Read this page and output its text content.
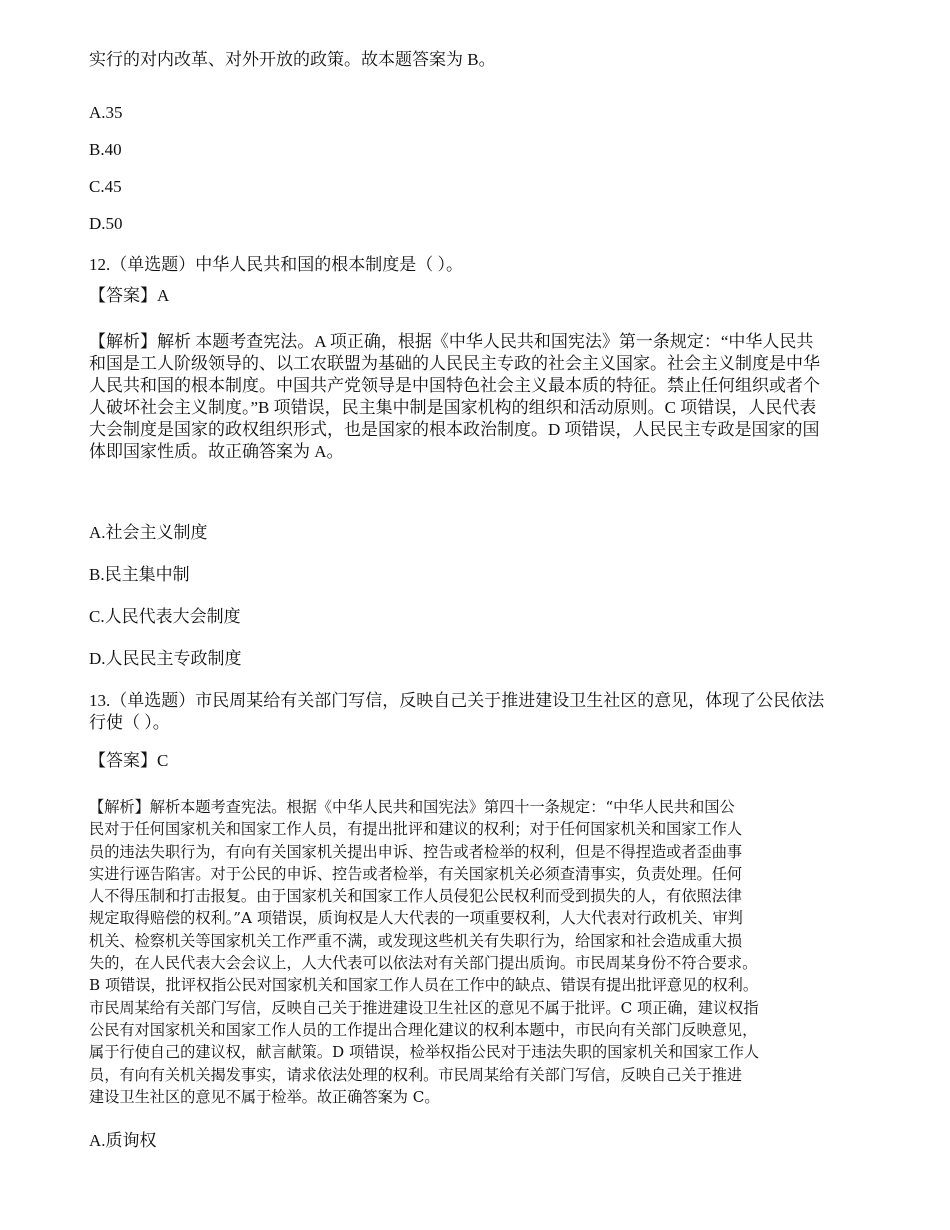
实行的对内改革、对外开放的政策。故本题答案为 B。
A.35
B.40
C.45
D.50
12.（单选题）中华人民共和国的根本制度是（ ）。
【答案】A

【解析】解析 本题考查宪法。A 项正确，根据《中华人民共和国宪法》第一条规定：“中华人民共

和国是工人阶级领导的、以工农联盟为基础的人民民主专政的社会主义国家。社会主义制度是中华

人民共和国的根本制度。中国共产党领导是中国特色社会主义最本质的特征。禁止任何组织或者个

人破坏社会主义制度。”B 项错误，民主集中制是国家机构的组织和活动原则。C 项错误，人民代表

大会制度是国家的政权组织形式，也是国家的根本政治制度。D 项错误，人民民主专政是国家的国

体即国家性质。故正确答案为 A。

A.社会主义制度
B.民主集中制
C.人民代表大会制度
D.人民民主专政制度

13.（单选题）市民周某给有关部门写信，反映自己关于推进建设卫生社区的意见，体现了公民依法

行使（ ）。

【答案】C

【解析】解析本题考查宪法。根据《中华人民共和国宪法》第四十一条规定：“中华人民共和国公

民对于任何国家机关和国家工作人员，有提出批评和建议的权利；对于任何国家机关和国家工作人

员的违法失职行为，有向有关国家机关提出申诉、控告或者检举的权利，但是不得捏造或者歪曲事

实进行诬告陷害。对于公民的申诉、控告或者检举，有关国家机关必须查清事实，负责处理。任何

人不得压制和打击报复。由于国家机关和国家工作人员侵犯公民权利而受到损失的人，有依照法律

规定取得赔偿的权利。”A 项错误，质询权是人大代表的一项重要权利，人大代表对行政机关、审判

机关、检察机关等国家机关工作严重不满，或发现这些机关有失职行为，给国家和社会造成重大损

失的，在人民代表大会会议上，人大代表可以依法对有关部门提出质询。市民周某身份不符合要求。

B 项错误，批评权指公民对国家机关和国家工作人员在工作中的缺点、错误有提出批评意见的权利。

市民周某给有关部门写信，反映自己关于推进建设卫生社区的意见不属于批评。C 项正确，建议权指

公民有对国家机关和国家工作人员的工作提出合理化建议的权利本题中，市民向有关部门反映意见，

属于行使自己的建议权，献言献策。D 项错误，检举权指公民对于违法失职的国家机关和国家工作人

员，有向有关机关揭发事实，请求依法处理的权利。市民周某给有关部门写信，反映自己关于推进

建设卫生社区的意见不属于检举。故正确答案为 C。

A.质询权
